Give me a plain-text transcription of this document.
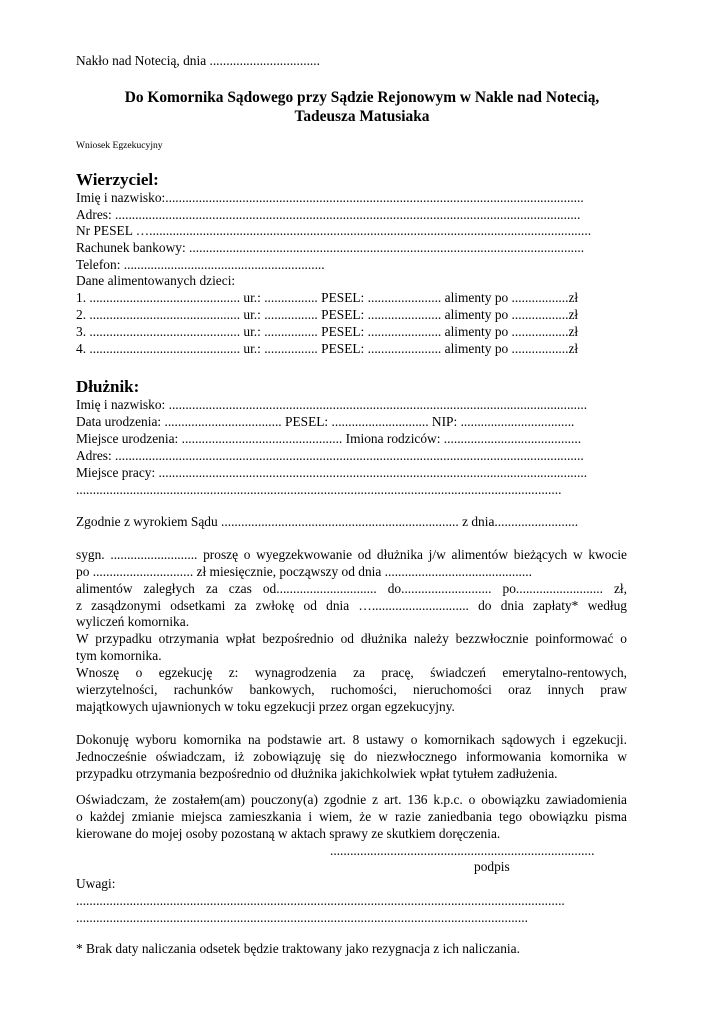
Nakło nad Notecią, dnia .................................
Do Komornika Sądowego przy Sądzie Rejonowym w Nakle nad Notecią,
Tadeusza Matusiaka
Wniosek Egzekucyjny
Wierzyciel:
Imię i nazwisko:.............................................................................................................................
Adres: ...........................................................................................................................................
Nr PESEL …....................................................................................................................................
Rachunek bankowy: ......................................................................................................................
Telefon: ............................................................
Dane alimentowanych dzieci:
1. ............................................. ur.: ................ PESEL: ...................... alimenty po .................zł
2. ............................................. ur.: ................ PESEL: ...................... alimenty po .................zł
3. ............................................. ur.: ................ PESEL: ...................... alimenty po .................zł
4. ............................................. ur.: ................ PESEL: ...................... alimenty po .................zł
Dłużnik:
Imię i nazwisko: .............................................................................................................................
Data urodzenia: ................................... PESEL: ............................. NIP: ..................................
Miejsce urodzenia: ................................................ Imiona rodziców: .........................................
Adres: ............................................................................................................................................
Miejsce pracy: ................................................................................................................................
.................................................................................................................................................
Zgodnie z wyrokiem Sądu ....................................................................... z dnia.........................
sygn. .......................... proszę o wyegzekwowanie od dłużnika j/w alimentów bieżących w kwocie
po .............................. zł miesięcznie, począwszy od dnia ............................................
alimentów zaległych za czas od.............................. do........................... po.......................... zł,
z zasądzonymi odsetkami za zwłokę od dnia …............................. do dnia zapłaty* według
wyliczeń komornika.
W przypadku otrzymania wpłat bezpośrednio od dłużnika należy bezzwłocznie poinformować o
tym komornika.
Wnoszę o egzekucję z: wynagrodzenia za pracę, świadczeń emerytalno-rentowych,
wierzytelności, rachunków bankowych, ruchomości, nieruchomości oraz innych praw
majątkowych ujawnionych w toku egzekucji przez organ egzekucyjny.
Dokonuję wyboru komornika na podstawie art. 8 ustawy o komornikach sądowych i egzekucji.
Jednocześnie oświadczam, iż zobowiązuję się do niezwłocznego informowania komornika w
przypadku otrzymania bezpośrednio od dłużnika jakichkolwiek wpłat tytułem zadłużenia.
Oświadczam, że zostałem(am) pouczony(a) zgodnie z art. 136 k.p.c. o obowiązku zawiadomienia
o każdej zmianie miejsca zamieszkania i wiem, że w razie zaniedbania tego obowiązku pisma
kierowane do mojej osoby pozostaną w aktach sprawy ze skutkiem doręczenia.
...............................................................................
podpis
Uwagi:
..................................................................................................................................................
.......................................................................................................................................
* Brak daty naliczania odsetek będzie traktowany jako rezygnacja z ich naliczania.
